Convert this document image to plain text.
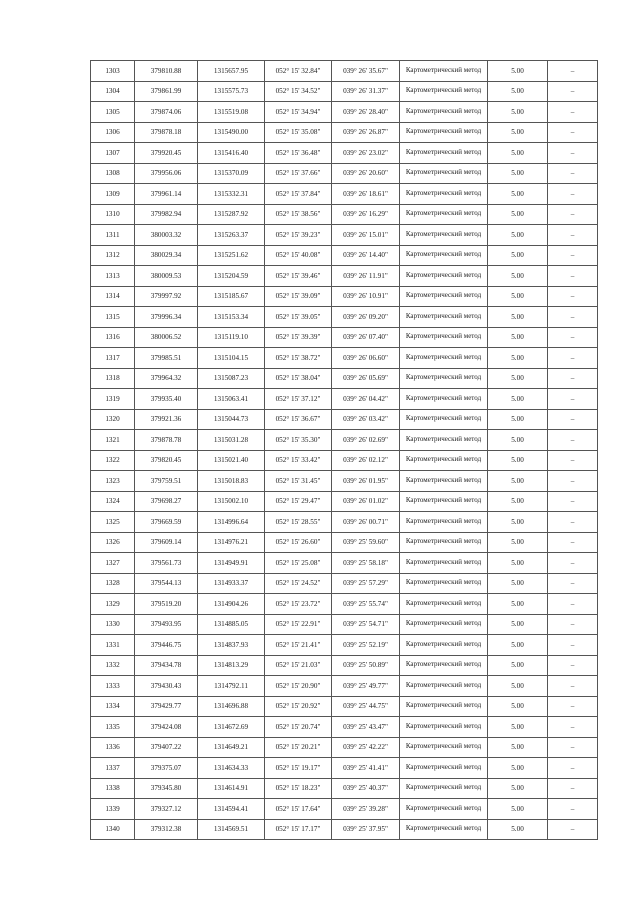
1303	379810.88	1315657.95	052° 15' 32.84"	039° 26' 35.67"	Картометрический метод	5.00	–
1304	379861.99	1315575.73	052° 15' 34.52"	039° 26' 31.37"	Картометрический метод	5.00	–
1305	379874.06	1315519.08	052° 15' 34.94"	039° 26' 28.40"	Картометрический метод	5.00	–
1306	379878.18	1315490.00	052° 15' 35.08"	039° 26' 26.87"	Картометрический метод	5.00	–
1307	379920.45	1315416.40	052° 15' 36.48"	039° 26' 23.02"	Картометрический метод	5.00	–
1308	379956.06	1315370.09	052° 15' 37.66"	039° 26' 20.60"	Картометрический метод	5.00	–
1309	379961.14	1315332.31	052° 15' 37.84"	039° 26' 18.61"	Картометрический метод	5.00	–
1310	379982.94	1315287.92	052° 15' 38.56"	039° 26' 16.29"	Картометрический метод	5.00	–
1311	380003.32	1315263.37	052° 15' 39.23"	039° 26' 15.01"	Картометрический метод	5.00	–
1312	380029.34	1315251.62	052° 15' 40.08"	039° 26' 14.40"	Картометрический метод	5.00	–
1313	380009.53	1315204.59	052° 15' 39.46"	039° 26' 11.91"	Картометрический метод	5.00	–
1314	379997.92	1315185.67	052° 15' 39.09"	039° 26' 10.91"	Картометрический метод	5.00	–
1315	379996.34	1315153.34	052° 15' 39.05"	039° 26' 09.20"	Картометрический метод	5.00	–
1316	380006.52	1315119.10	052° 15' 39.39"	039° 26' 07.40"	Картометрический метод	5.00	–
1317	379985.51	1315104.15	052° 15' 38.72"	039° 26' 06.60"	Картометрический метод	5.00	–
1318	379964.32	1315087.23	052° 15' 38.04"	039° 26' 05.69"	Картометрический метод	5.00	–
1319	379935.40	1315063.41	052° 15' 37.12"	039° 26' 04.42"	Картометрический метод	5.00	–
1320	379921.36	1315044.73	052° 15' 36.67"	039° 26' 03.42"	Картометрический метод	5.00	–
1321	379878.78	1315031.28	052° 15' 35.30"	039° 26' 02.69"	Картометрический метод	5.00	–
1322	379820.45	1315021.40	052° 15' 33.42"	039° 26' 02.12"	Картометрический метод	5.00	–
1323	379759.51	1315018.83	052° 15' 31.45"	039° 26' 01.95"	Картометрический метод	5.00	–
1324	379698.27	1315002.10	052° 15' 29.47"	039° 26' 01.02"	Картометрический метод	5.00	–
1325	379669.59	1314996.64	052° 15' 28.55"	039° 26' 00.71"	Картометрический метод	5.00	–
1326	379609.14	1314976.21	052° 15' 26.60"	039° 25' 59.60"	Картометрический метод	5.00	–
1327	379561.73	1314949.91	052° 15' 25.08"	039° 25' 58.18"	Картометрический метод	5.00	–
1328	379544.13	1314933.37	052° 15' 24.52"	039° 25' 57.29"	Картометрический метод	5.00	–
1329	379519.20	1314904.26	052° 15' 23.72"	039° 25' 55.74"	Картометрический метод	5.00	–
1330	379493.95	1314885.05	052° 15' 22.91"	039° 25' 54.71"	Картометрический метод	5.00	–
1331	379446.75	1314837.93	052° 15' 21.41"	039° 25' 52.19"	Картометрический метод	5.00	–
1332	379434.78	1314813.29	052° 15' 21.03"	039° 25' 50.89"	Картометрический метод	5.00	–
1333	379430.43	1314792.11	052° 15' 20.90"	039° 25' 49.77"	Картометрический метод	5.00	–
1334	379429.77	1314696.88	052° 15' 20.92"	039° 25' 44.75"	Картометрический метод	5.00	–
1335	379424.08	1314672.69	052° 15' 20.74"	039° 25' 43.47"	Картометрический метод	5.00	–
1336	379407.22	1314649.21	052° 15' 20.21"	039° 25' 42.22"	Картометрический метод	5.00	–
1337	379375.07	1314634.33	052° 15' 19.17"	039° 25' 41.41"	Картометрический метод	5.00	–
1338	379345.80	1314614.91	052° 15' 18.23"	039° 25' 40.37"	Картометрический метод	5.00	–
1339	379327.12	1314594.41	052° 15' 17.64"	039° 25' 39.28"	Картометрический метод	5.00	–
1340	379312.38	1314569.51	052° 15' 17.17"	039° 25' 37.95"	Картометрический метод	5.00	–
